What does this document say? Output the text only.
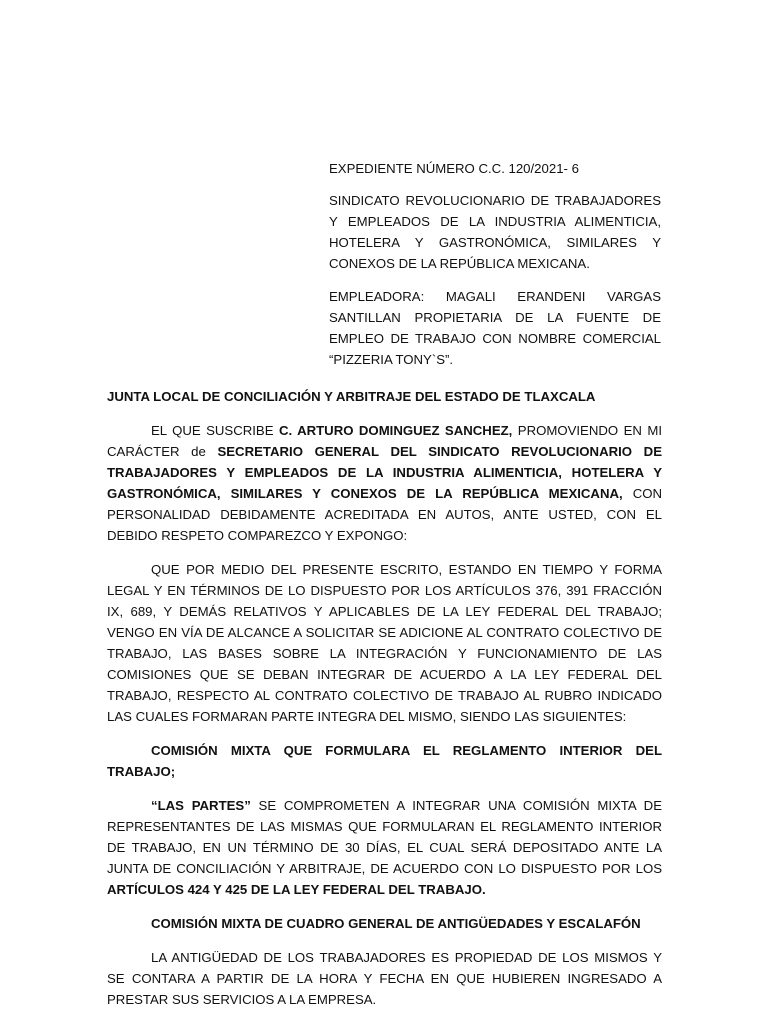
EXPEDIENTE NÚMERO C.C. 120/2021- 6

SINDICATO REVOLUCIONARIO DE TRABAJADORES Y EMPLEADOS DE LA INDUSTRIA ALIMENTICIA, HOTELERA Y GASTRONÓMICA, SIMILARES Y CONEXOS DE LA REPÚBLICA MEXICANA.

EMPLEADORA: MAGALI ERANDENI VARGAS SANTILLAN PROPIETARIA DE LA FUENTE DE EMPLEO DE TRABAJO CON NOMBRE COMERCIAL “PIZZERIA TONY`S”.

JUNTA LOCAL DE CONCILIACIÓN Y ARBITRAJE DEL ESTADO DE TLAXCALA

EL QUE SUSCRIBE C. ARTURO DOMINGUEZ SANCHEZ, PROMOVIENDO EN MI CARÁCTER de SECRETARIO GENERAL DEL SINDICATO REVOLUCIONARIO DE TRABAJADORES Y EMPLEADOS DE LA INDUSTRIA ALIMENTICIA, HOTELERA Y GASTRONÓMICA, SIMILARES Y CONEXOS DE LA REPÚBLICA MEXICANA, CON PERSONALIDAD DEBIDAMENTE ACREDITADA EN AUTOS, ANTE USTED, CON EL DEBIDO RESPETO COMPAREZCO Y EXPONGO:

QUE POR MEDIO DEL PRESENTE ESCRITO, ESTANDO EN TIEMPO Y FORMA LEGAL Y EN TÉRMINOS DE LO DISPUESTO POR LOS ARTÍCULOS 376, 391 FRACCIÓN IX, 689, Y DEMÁS RELATIVOS Y APLICABLES DE LA LEY FEDERAL DEL TRABAJO; VENGO EN VÍA DE ALCANCE A SOLICITAR SE ADICIONE AL CONTRATO COLECTIVO DE TRABAJO, LAS BASES SOBRE LA INTEGRACIÓN Y FUNCIONAMIENTO DE LAS COMISIONES QUE SE DEBAN INTEGRAR DE ACUERDO A LA LEY FEDERAL DEL TRABAJO, RESPECTO AL CONTRATO COLECTIVO DE TRABAJO AL RUBRO INDICADO LAS CUALES FORMARAN PARTE INTEGRA DEL MISMO, SIENDO LAS SIGUIENTES:

COMISIÓN MIXTA QUE FORMULARA EL REGLAMENTO INTERIOR DEL TRABAJO;

“LAS PARTES” SE COMPROMETEN A INTEGRAR UNA COMISIÓN MIXTA DE REPRESENTANTES DE LAS MISMAS QUE FORMULARAN EL REGLAMENTO INTERIOR DE TRABAJO, EN UN TÉRMINO DE 30 DÍAS, EL CUAL SERÁ DEPOSITADO ANTE LA JUNTA DE CONCILIACIÓN Y ARBITRAJE, DE ACUERDO CON LO DISPUESTO POR LOS ARTÍCULOS 424 Y 425 DE LA LEY FEDERAL DEL TRABAJO.

COMISIÓN MIXTA DE CUADRO GENERAL DE ANTIGÜEDADES Y ESCALAFÓN

LA ANTIGÜEDAD DE LOS TRABAJADORES ES PROPIEDAD DE LOS MISMOS Y SE CONTARA A PARTIR DE LA HORA Y FECHA EN QUE HUBIEREN INGRESADO A PRESTAR SUS SERVICIOS A LA EMPRESA.
